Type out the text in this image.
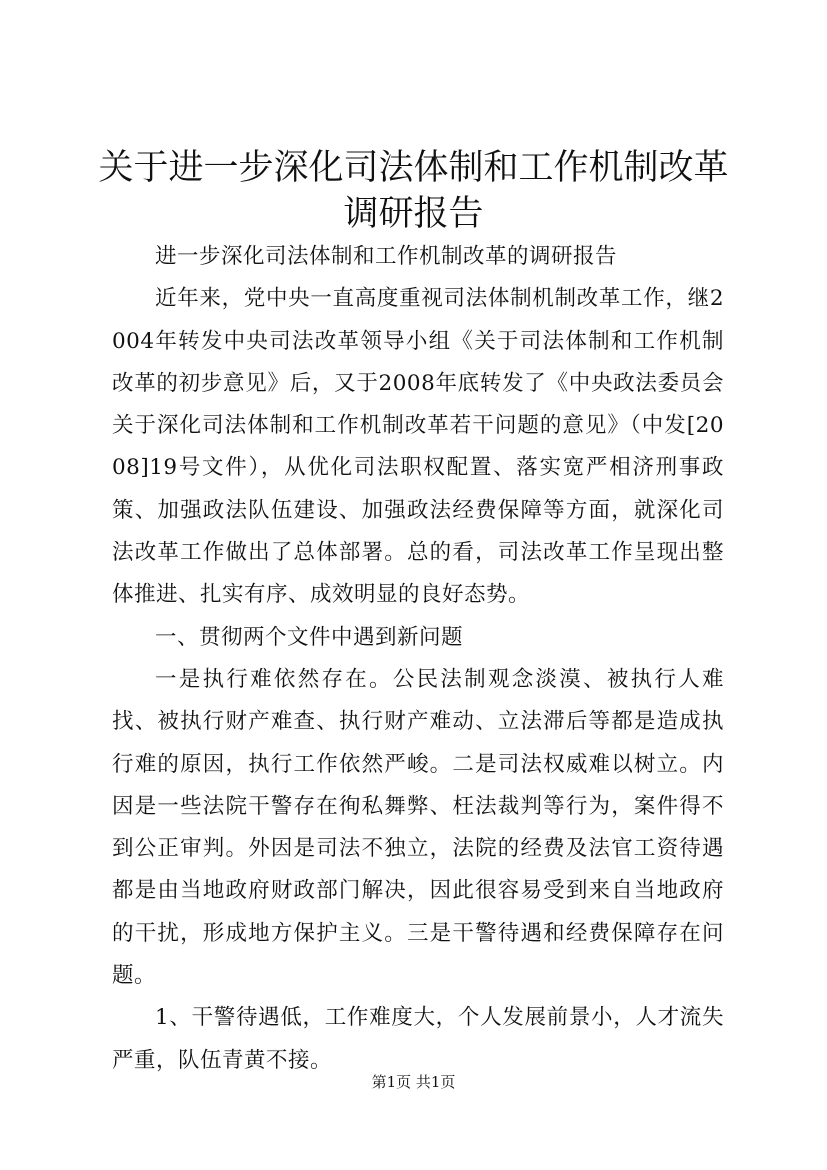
关于进一步深化司法体制和工作机制改革调研报告

进一步深化司法体制和工作机制改革的调研报告

近年来，党中央一直高度重视司法体制机制改革工作，继2004年转发中央司法改革领导小组《关于司法体制和工作机制改革的初步意见》后，又于2008年底转发了《中央政法委员会关于深化司法体制和工作机制改革若干问题的意见》（中发[2008]19号文件），从优化司法职权配置、落实宽严相济刑事政策、加强政法队伍建设、加强政法经费保障等方面，就深化司法改革工作做出了总体部署。总的看，司法改革工作呈现出整体推进、扎实有序、成效明显的良好态势。

一、贯彻两个文件中遇到新问题

一是执行难依然存在。公民法制观念淡漠、被执行人难找、被执行财产难查、执行财产难动、立法滞后等都是造成执行难的原因，执行工作依然严峻。二是司法权威难以树立。内因是一些法院干警存在徇私舞弊、枉法裁判等行为，案件得不到公正审判。外因是司法不独立，法院的经费及法官工资待遇都是由当地政府财政部门解决，因此很容易受到来自当地政府的干扰，形成地方保护主义。三是干警待遇和经费保障存在问题。

1、干警待遇低，工作难度大，个人发展前景小，人才流失严重，队伍青黄不接。

第1页 共1页
